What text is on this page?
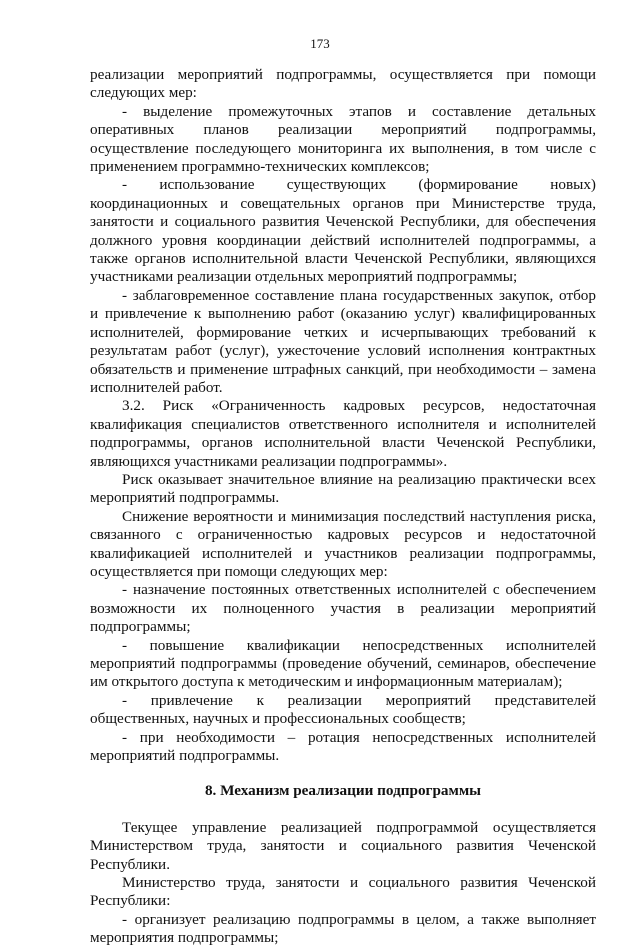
173

реализации мероприятий подпрограммы, осуществляется при помощи следующих мер:

- выделение промежуточных этапов и составление детальных оперативных планов реализации мероприятий подпрограммы, осуществление последующего мониторинга их выполнения, в том числе с применением программно-технических комплексов;

- использование существующих (формирование новых) координационных и совещательных органов при Министерстве труда, занятости и социального развития Чеченской Республики, для обеспечения должного уровня координации действий исполнителей подпрограммы, а также органов исполнительной власти Чеченской Республики, являющихся участниками реализации отдельных мероприятий подпрограммы;

- заблаговременное составление плана государственных закупок, отбор и привлечение к выполнению работ (оказанию услуг) квалифицированных исполнителей, формирование четких и исчерпывающих требований к результатам работ (услуг), ужесточение условий исполнения контрактных обязательств и применение штрафных санкций, при необходимости – замена исполнителей работ.

3.2. Риск «Ограниченность кадровых ресурсов, недостаточная квалификация специалистов ответственного исполнителя и исполнителей подпрограммы, органов исполнительной власти Чеченской Республики, являющихся участниками реализации подпрограммы».

Риск оказывает значительное влияние на реализацию практически всех мероприятий подпрограммы.

Снижение вероятности и минимизация последствий наступления риска, связанного с ограниченностью кадровых ресурсов и недостаточной квалификацией исполнителей и участников реализации подпрограммы, осуществляется при помощи следующих мер:

- назначение постоянных ответственных исполнителей с обеспечением возможности их полноценного участия в реализации мероприятий подпрограммы;

- повышение квалификации непосредственных исполнителей мероприятий подпрограммы (проведение обучений, семинаров, обеспечение им открытого доступа к методическим и информационным материалам);

- привлечение к реализации мероприятий представителей общественных, научных и профессиональных сообществ;

- при необходимости – ротация непосредственных исполнителей мероприятий подпрограммы.

8. Механизм реализации подпрограммы

Текущее управление реализацией подпрограммой осуществляется Министерством труда, занятости и социального развития Чеченской Республики.

Министерство труда, занятости и социального развития Чеченской Республики:

- организует реализацию подпрограммы в целом, а также выполняет мероприятия подпрограммы;
